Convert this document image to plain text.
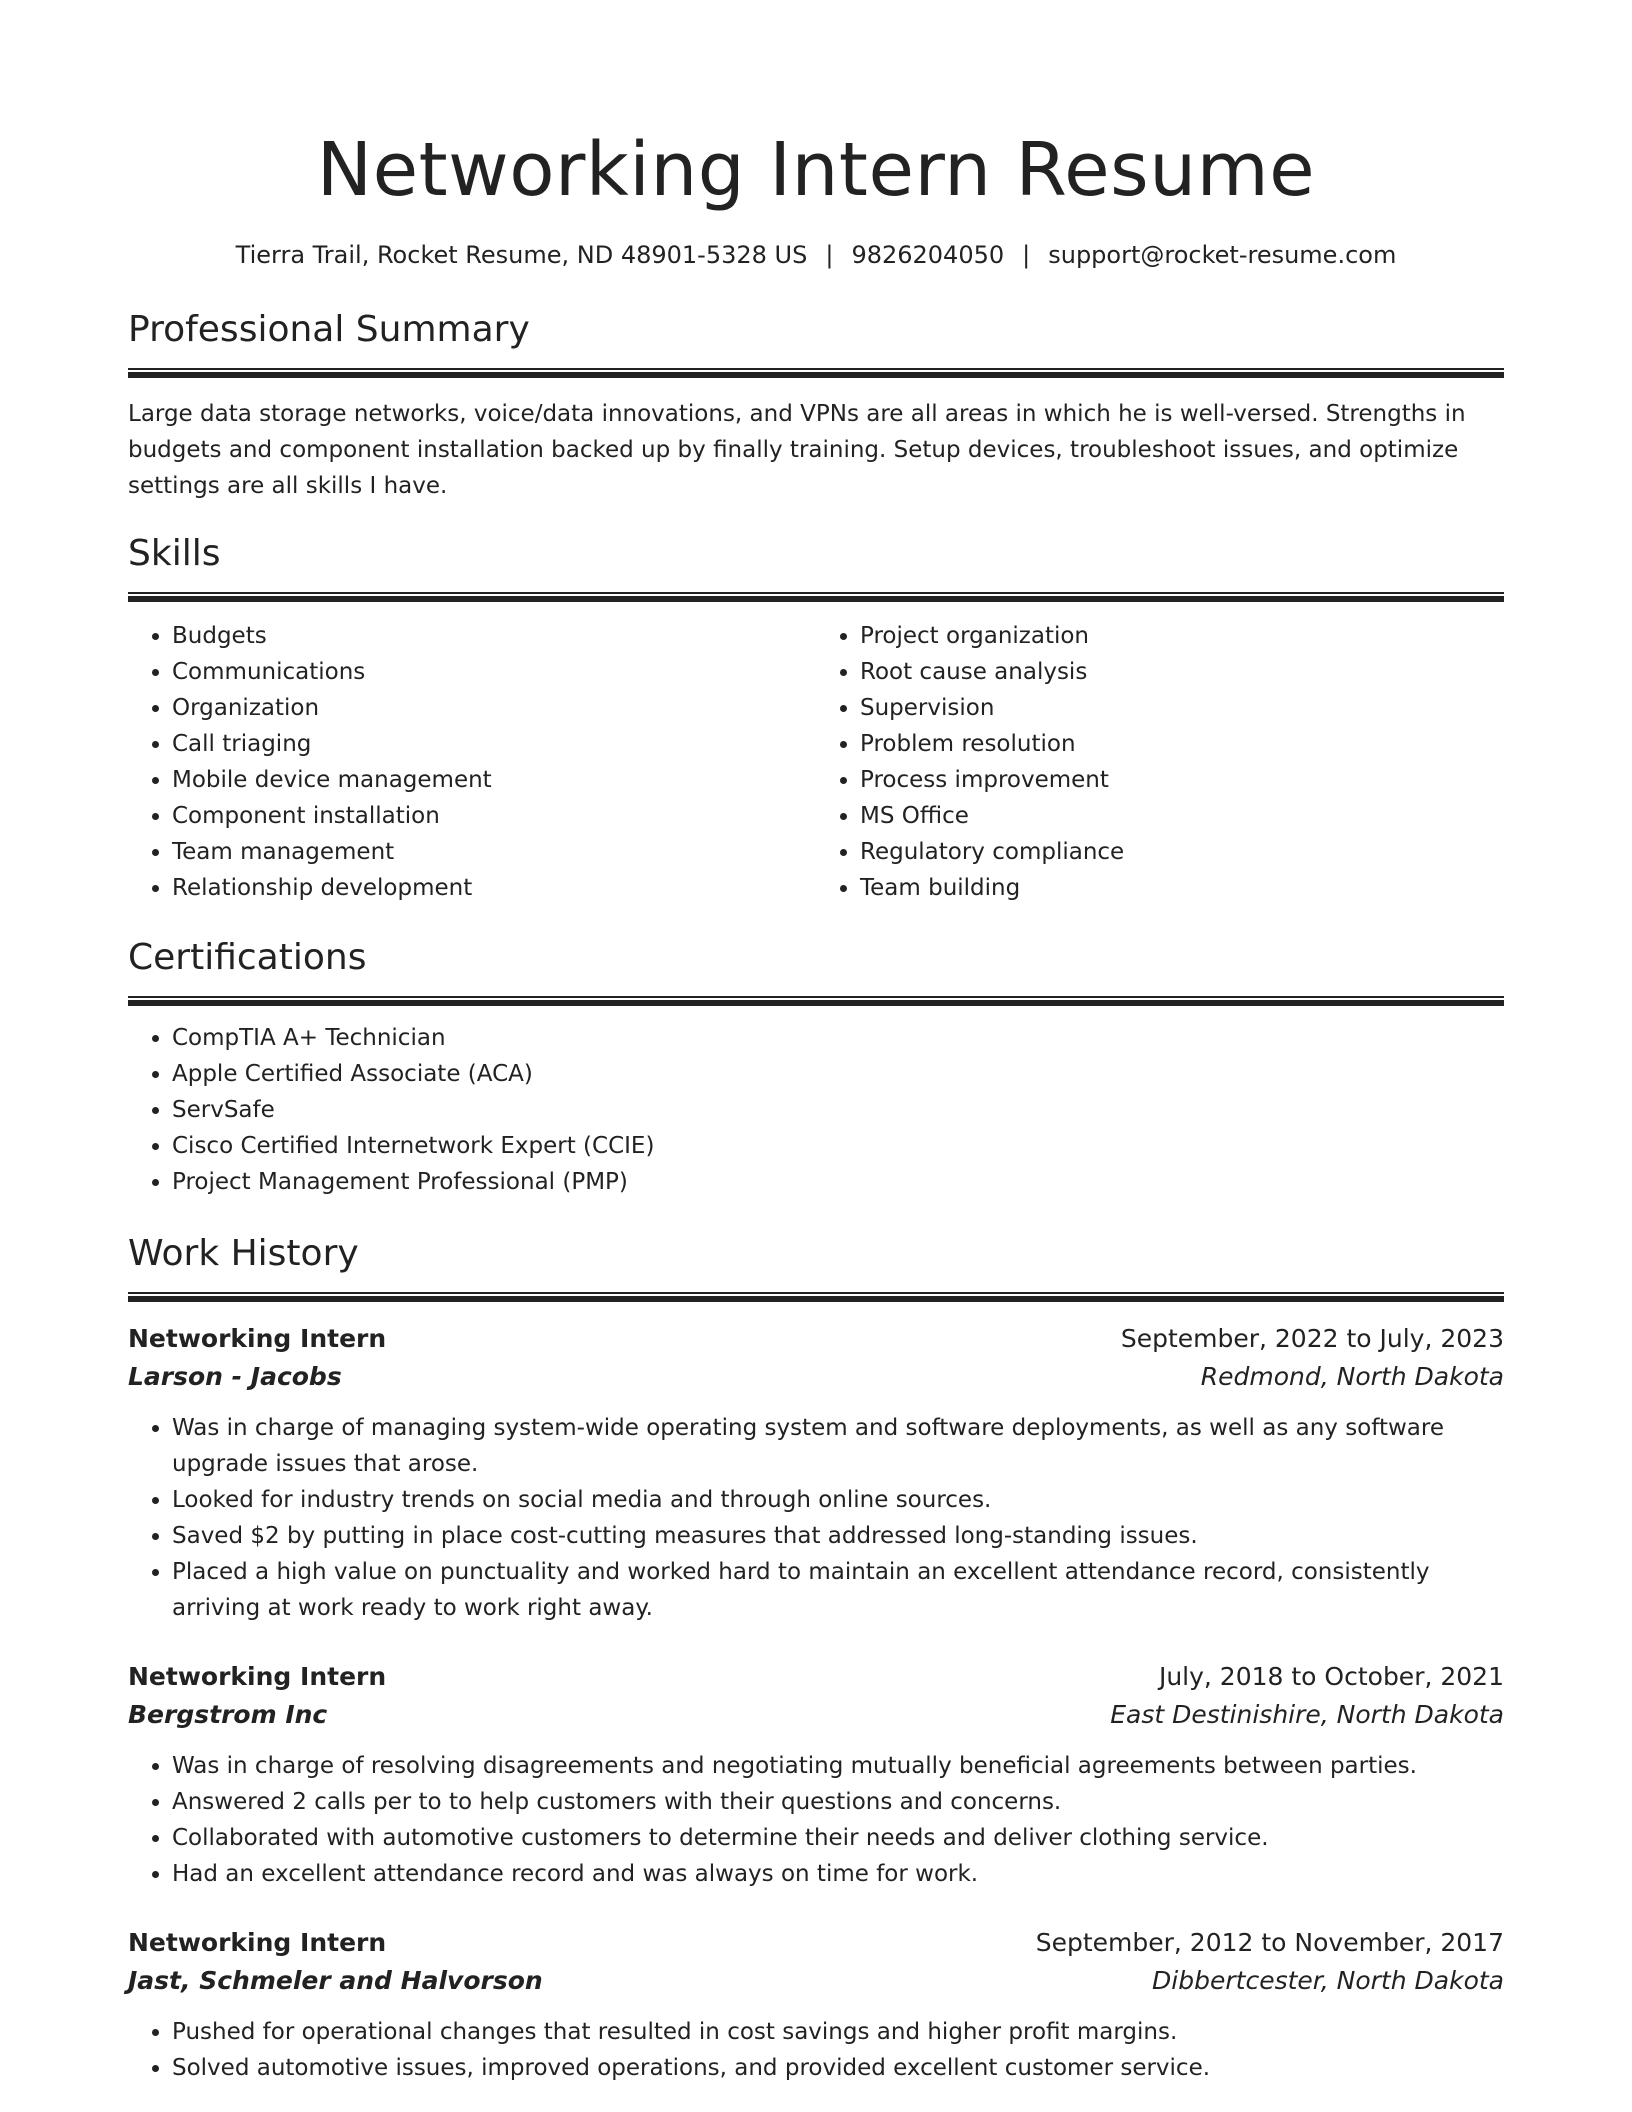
Networking Intern Resume
Tierra Trail, Rocket Resume, ND 48901-5328 US | 9826204050 | support@rocket-resume.com
Professional Summary

Large data storage networks, voice/data innovations, and VPNs are all areas in which he is well-versed. Strengths in budgets and component installation backed up by finally training. Setup devices, troubleshoot issues, and optimize settings are all skills I have.

Skills
• Budgets
• Communications
• Organization
• Call triaging
• Mobile device management
• Component installation
• Team management
• Relationship development
• Project organization
• Root cause analysis
• Supervision
• Problem resolution
• Process improvement
• MS Office
• Regulatory compliance
• Team building
Certifications
• CompTIA A+ Technician
• Apple Certified Associate (ACA)
• ServSafe
• Cisco Certified Internetwork Expert (CCIE)
• Project Management Professional (PMP)
Work History
Networking Intern	September, 2022 to July, 2023
Larson - Jacobs	Redmond, North Dakota
• Was in charge of managing system-wide operating system and software deployments, as well as any software upgrade issues that arose.
• Looked for industry trends on social media and through online sources.
• Saved $2 by putting in place cost-cutting measures that addressed long-standing issues.
• Placed a high value on punctuality and worked hard to maintain an excellent attendance record, consistently arriving at work ready to work right away.
Networking Intern	July, 2018 to October, 2021
Bergstrom Inc	East Destinishire, North Dakota
• Was in charge of resolving disagreements and negotiating mutually beneficial agreements between parties.
• Answered 2 calls per to to help customers with their questions and concerns.
• Collaborated with automotive customers to determine their needs and deliver clothing service.
• Had an excellent attendance record and was always on time for work.
Networking Intern	September, 2012 to November, 2017
Jast, Schmeler and Halvorson	Dibbertcester, North Dakota
• Pushed for operational changes that resulted in cost savings and higher profit margins.
• Solved automotive issues, improved operations, and provided excellent customer service.
